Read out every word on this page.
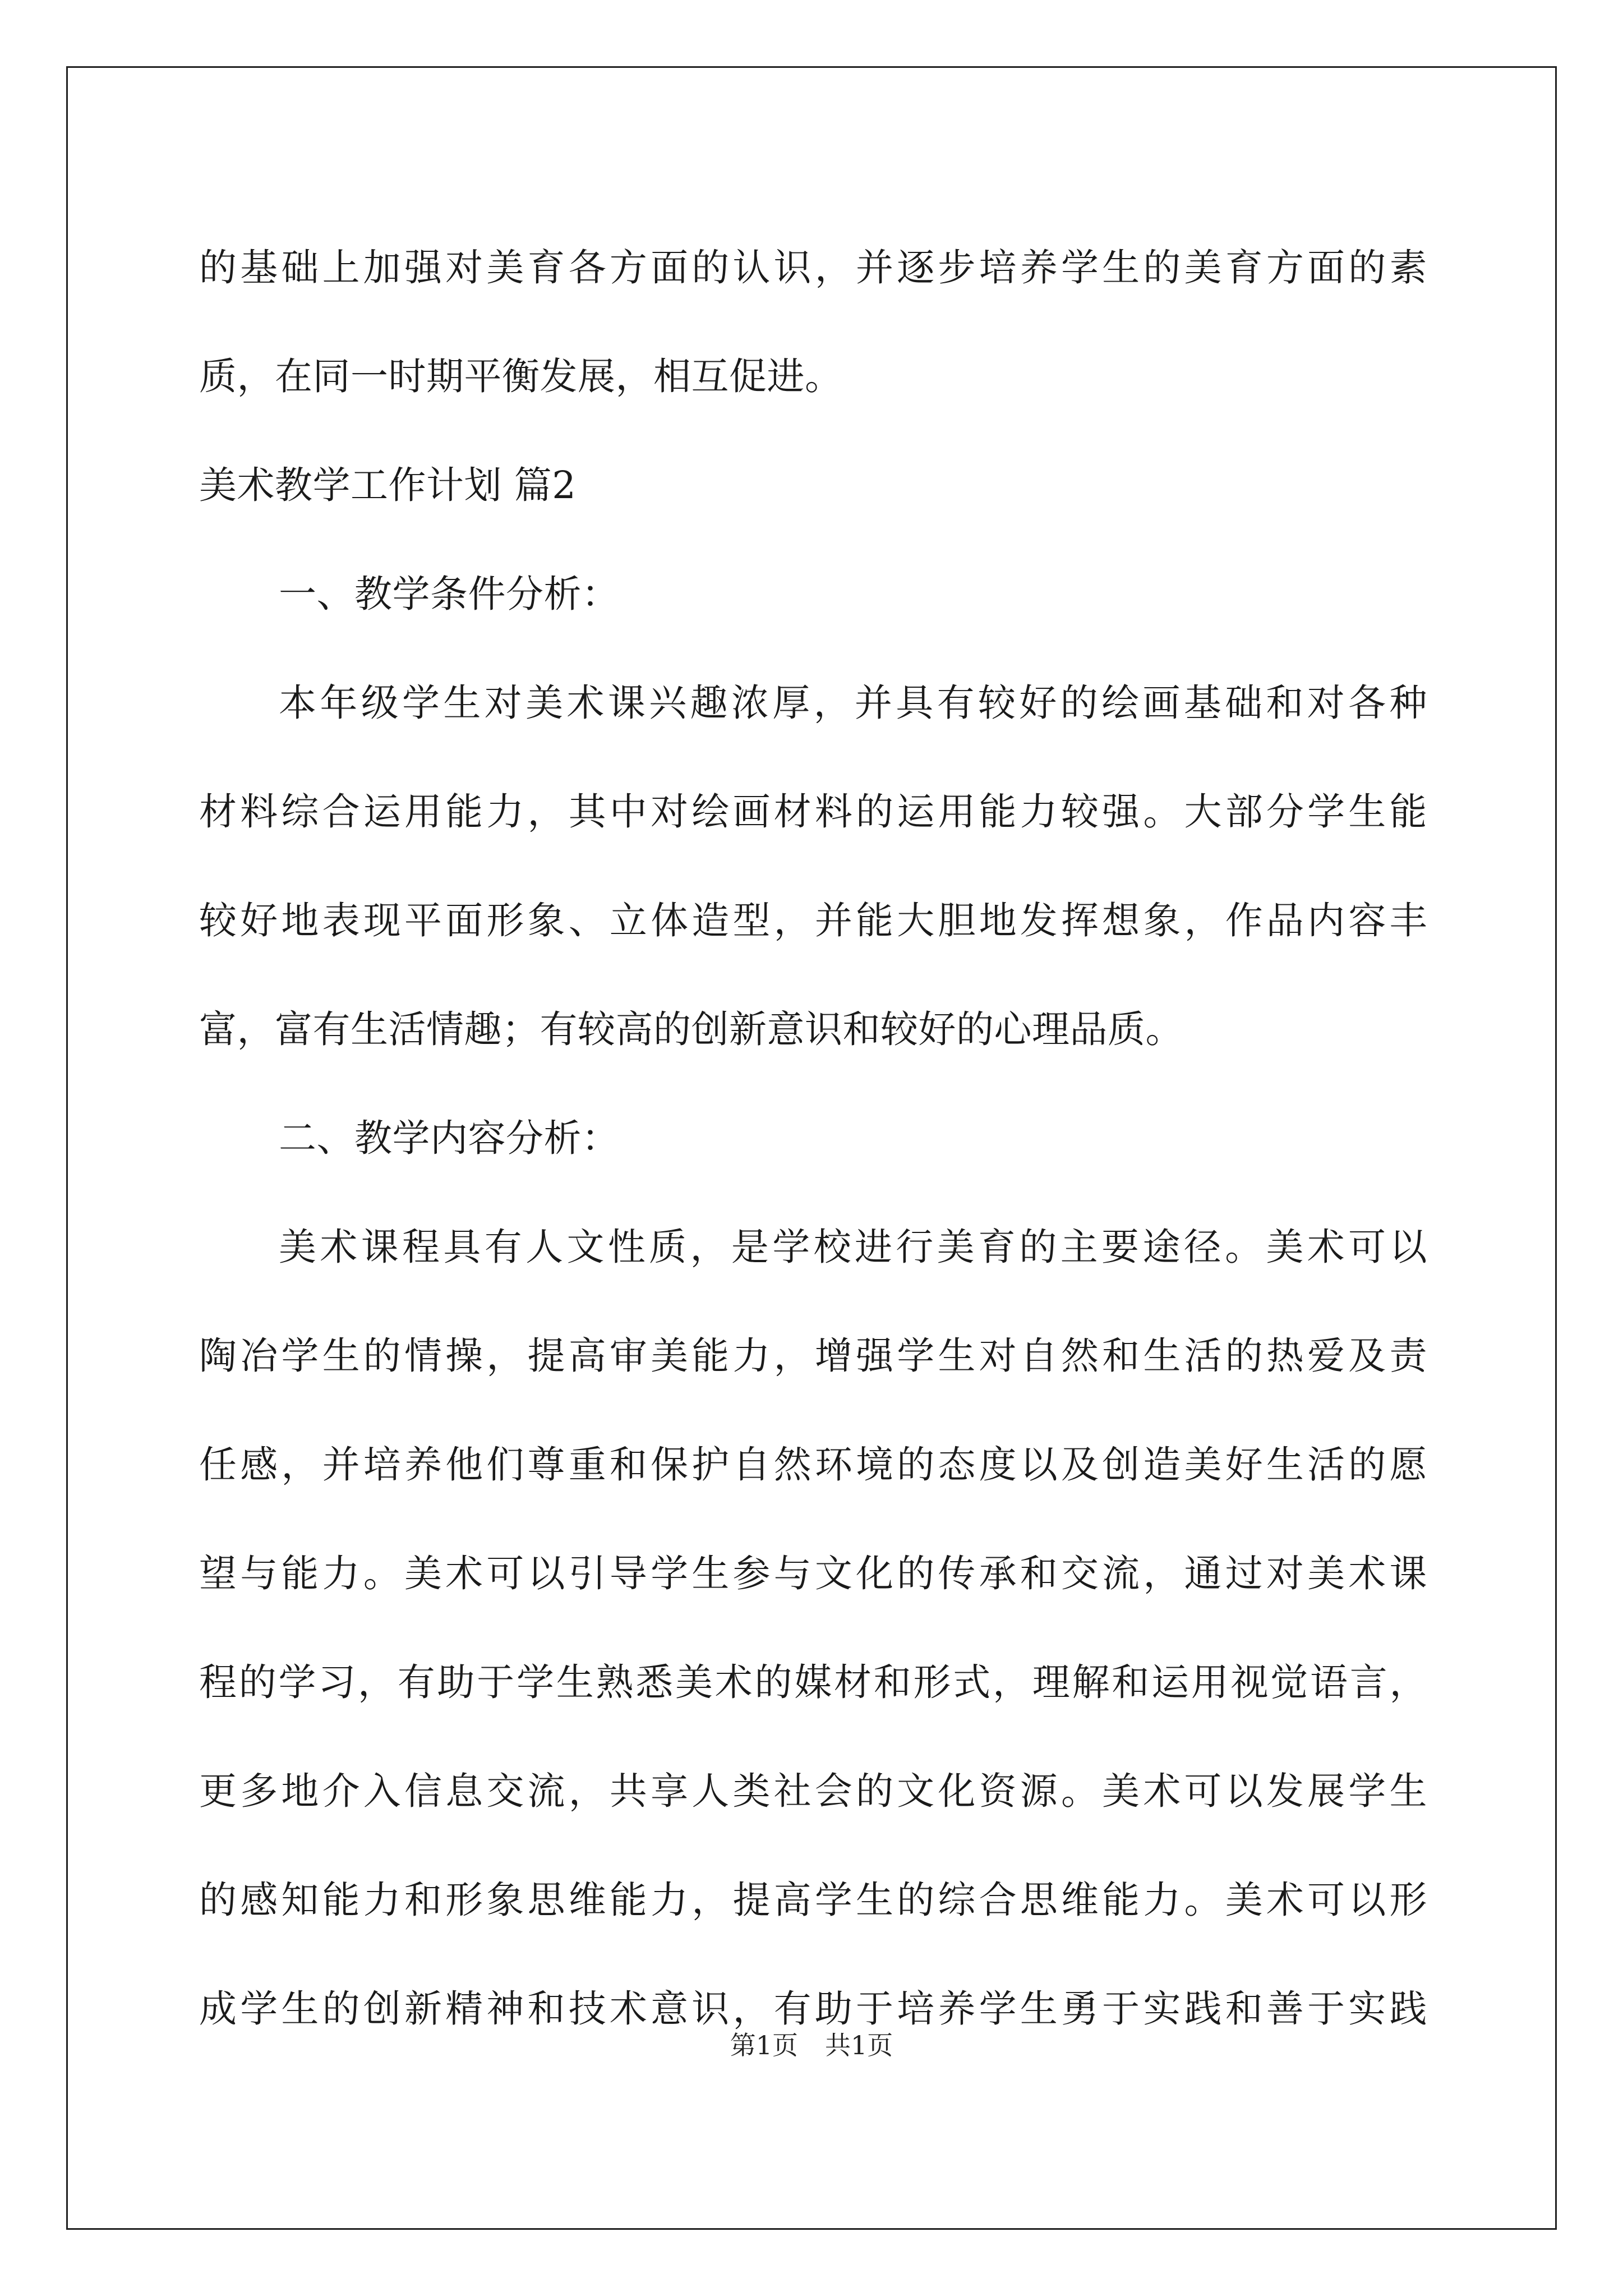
的基础上加强对美育各方面的认识，并逐步培养学生的美育方面的素
质，在同一时期平衡发展，相互促进。
美术教学工作计划 篇2
一、教学条件分析：
本年级学生对美术课兴趣浓厚，并具有较好的绘画基础和对各种
材料综合运用能力，其中对绘画材料的运用能力较强。大部分学生能
较好地表现平面形象、立体造型，并能大胆地发挥想象，作品内容丰
富，富有生活情趣；有较高的创新意识和较好的心理品质。
二、教学内容分析：
美术课程具有人文性质，是学校进行美育的主要途径。美术可以
陶冶学生的情操，提高审美能力，增强学生对自然和生活的热爱及责
任感，并培养他们尊重和保护自然环境的态度以及创造美好生活的愿
望与能力。美术可以引导学生参与文化的传承和交流，通过对美术课
程的学习，有助于学生熟悉美术的媒材和形式，理解和运用视觉语言，
更多地介入信息交流，共享人类社会的文化资源。美术可以发展学生
的感知能力和形象思维能力，提高学生的综合思维能力。美术可以形
成学生的创新精神和技术意识，有助于培养学生勇于实践和善于实践
第1页 共1页
